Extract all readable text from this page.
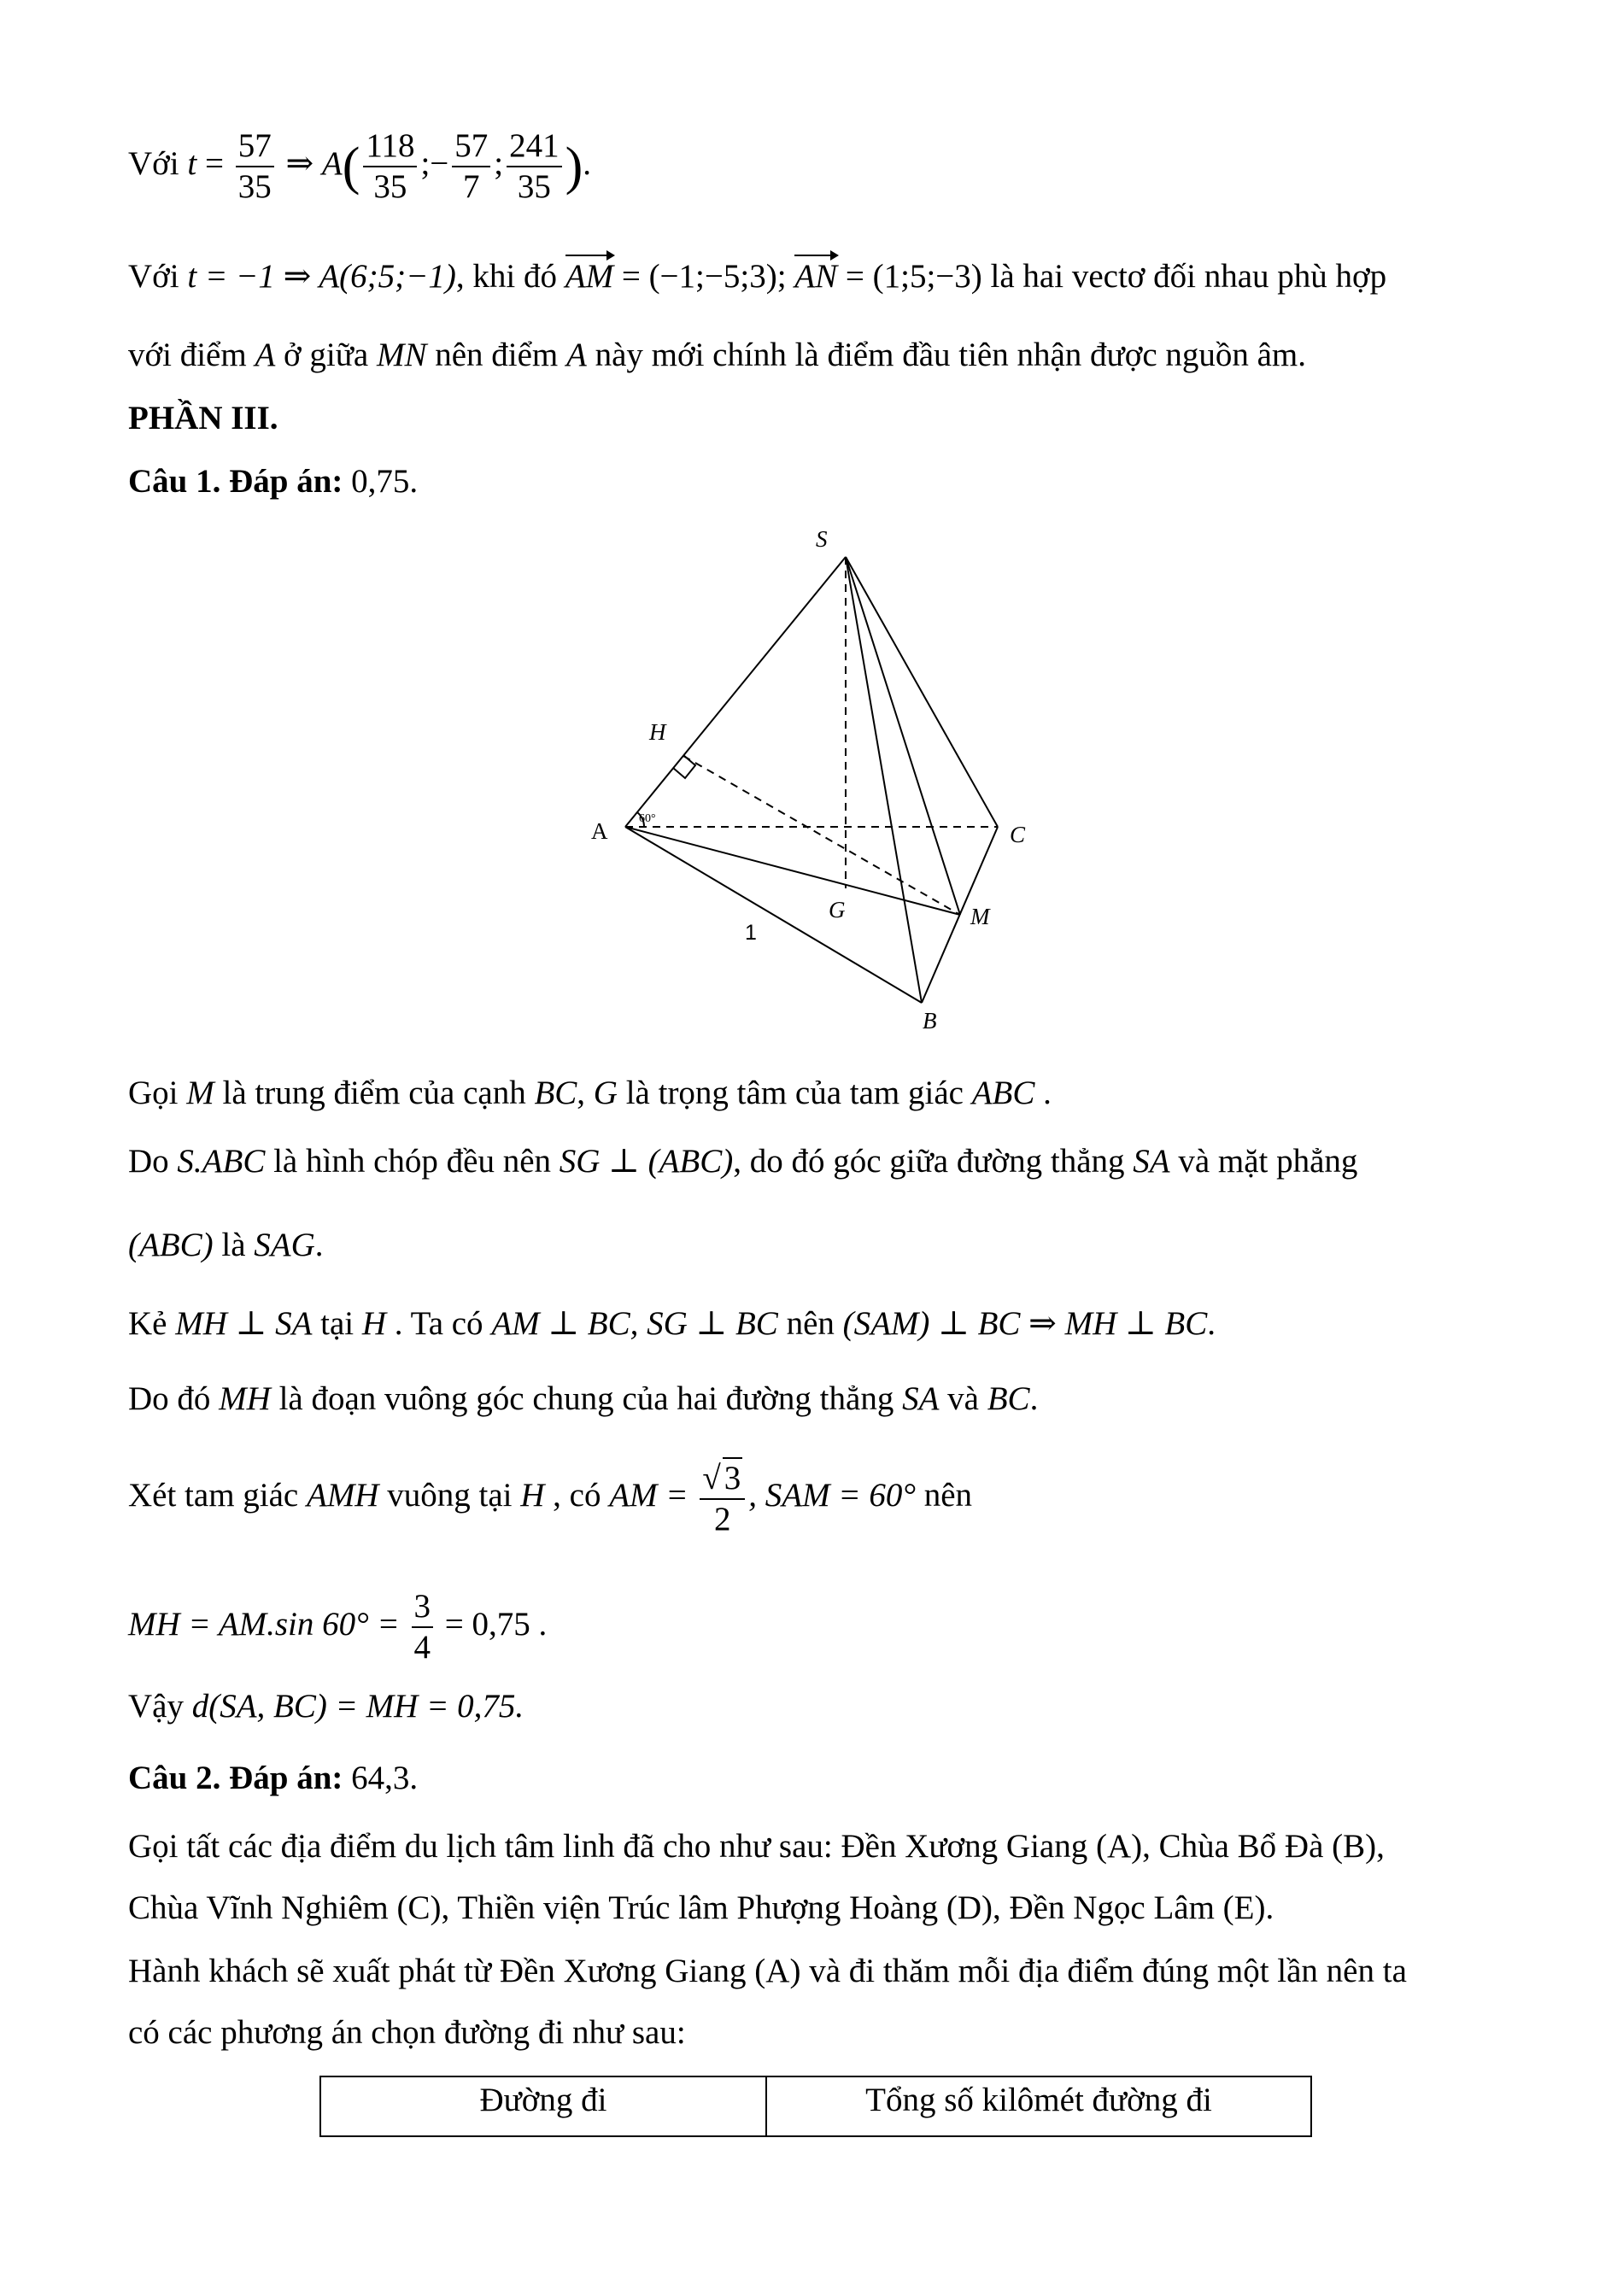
Với $t = \frac{57}{35}$ ⇒ $A( \frac{118}{35}$ ;− $\frac{57}{7}$ ; $\frac{241}{35}$ ).
Với t = −1 ⇒ A(6;5;−1), khi đó AM = (−1;−5;3); AN = (1;5;−3) là hai vectơ đối nhau phù hợp
với điểm A ở giữa MN nên điểm A này mới chính là điểm đầu tiên nhận được nguồn âm.
PHẦN III.
Câu 1. Đáp án: 0,75.
S
H
A	C
G	M
B
60°
1
Gọi M là trung điểm của cạnh BC, G là trọng tâm của tam giác ABC .
Do S.ABC là hình chóp đều nên SG ⊥ (ABC), do đó góc giữa đường thẳng SA và mặt phẳng
(ABC) là SAG.
Kẻ MH ⊥ SA tại H . Ta có AM ⊥ BC, SG ⊥ BC nên (SAM) ⊥ BC ⇒ MH ⊥ BC.
Do đó MH là đoạn vuông góc chung của hai đường thẳng SA và BC.
Xét tam giác AMH vuông tại H , có AM = $\frac{√ 3}{2}$ , SAM = 60° nên
MH = AM.sin $60^\circ = \frac{3}{4} = 0,75$ .
Vậy d(SA, BC) = MH = 0,75.
Câu 2. Đáp án: 64,3.
Gọi tất các địa điểm du lịch tâm linh đã cho như sau: Đền Xương Giang (A), Chùa Bổ Đà (B),
Chùa Vĩnh Nghiêm (C), Thiền viện Trúc lâm Phượng Hoàng (D), Đền Ngọc Lâm (E).
Hành khách sẽ xuất phát từ Đền Xương Giang (A) và đi thăm mỗi địa điểm đúng một lần nên ta
có các phương án chọn đường đi như sau:
Đường đi	Tổng số kilômét đường đi
